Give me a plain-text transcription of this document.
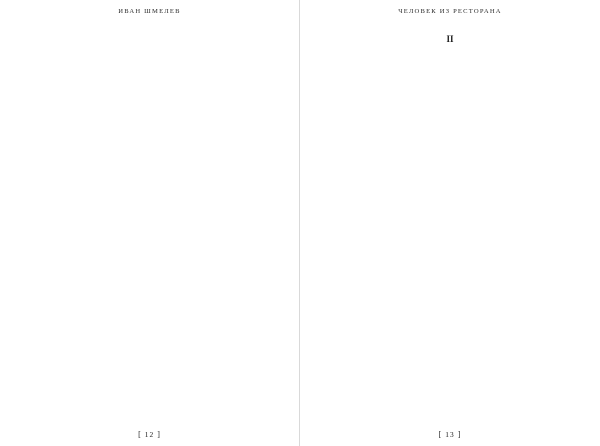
ИВАН ШМЕЛЕВ
[ 12 ]
ЧЕЛОВЕК ИЗ РЕСТОРАНА
II
[ 13 ]
